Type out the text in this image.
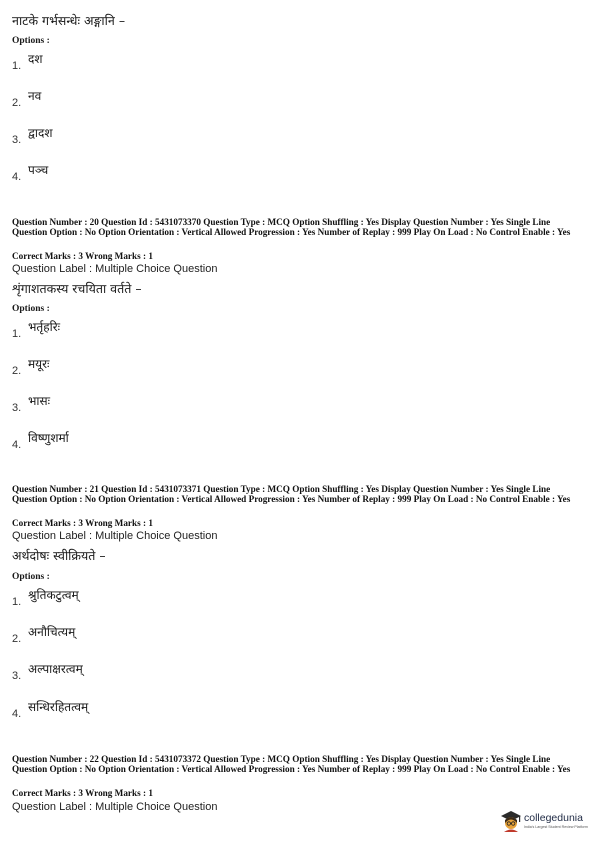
नाटके गर्भसन्धेः अङ्गानि –
Options :
1. दश
2. नव
3. द्वादश
4. पञ्च
Question Number : 20 Question Id : 5431073370 Question Type : MCQ Option Shuffling : Yes Display Question Number : Yes Single Line Question Option : No Option Orientation : Vertical Allowed Progression : Yes Number of Replay : 999 Play On Load : No Control Enable : Yes
Correct Marks : 3 Wrong Marks : 1
Question Label : Multiple Choice Question
शृंगाशतकस्य रचयिता वर्तते –
Options :
1. भर्तृहरिः
2. मयूरः
3. भासः
4. विष्णुशर्मा
Question Number : 21 Question Id : 5431073371 Question Type : MCQ Option Shuffling : Yes Display Question Number : Yes Single Line Question Option : No Option Orientation : Vertical Allowed Progression : Yes Number of Replay : 999 Play On Load : No Control Enable : Yes
Correct Marks : 3 Wrong Marks : 1
Question Label : Multiple Choice Question
अर्थदोषः स्वीक्रियते –
Options :
1. श्रुतिकटुत्वम्
2. अनौचित्यम्
3. अल्पाक्षरत्वम्
4. सन्धिरहितत्वम्
Question Number : 22 Question Id : 5431073372 Question Type : MCQ Option Shuffling : Yes Display Question Number : Yes Single Line Question Option : No Option Orientation : Vertical Allowed Progression : Yes Number of Replay : 999 Play On Load : No Control Enable : Yes
Correct Marks : 3 Wrong Marks : 1
Question Label : Multiple Choice Question
collegedunia
India's Largest Student Review Platform
